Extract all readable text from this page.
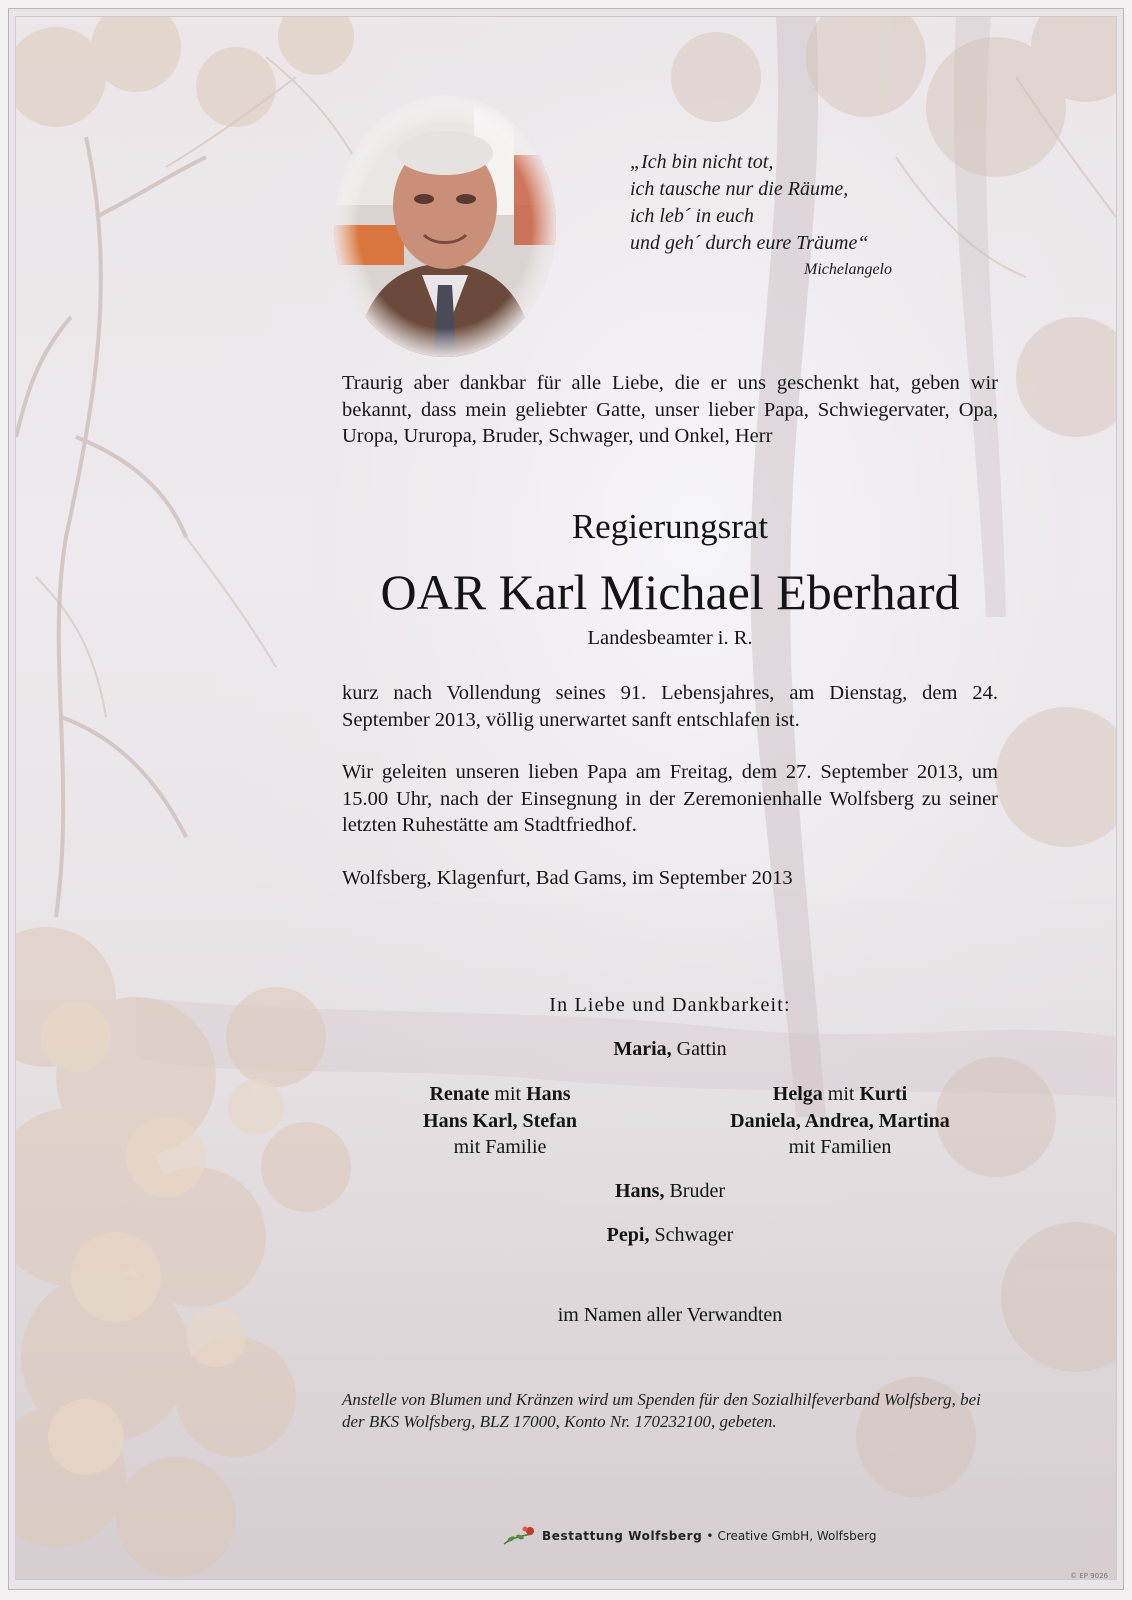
„Ich bin nicht tot,
ich tausche nur die Räume,
ich leb´ in euch
und geh´ durch eure Träume“
Michelangelo
Traurig aber dankbar für alle Liebe, die er uns geschenkt hat, geben wir bekannt, dass mein geliebter Gatte, unser lieber Papa, Schwiegervater, Opa, Uropa, Ururopa, Bruder, Schwager, und Onkel, Herr
Regierungsrat
OAR Karl Michael Eberhard
Landesbeamter i. R.
kurz nach Vollendung seines 91. Lebensjahres, am Dienstag, dem 24. September 2013, völlig unerwartet sanft entschlafen ist.
Wir geleiten unseren lieben Papa am Freitag, dem 27. September 2013, um 15.00 Uhr, nach der Einsegnung in der Zeremonienhalle Wolfsberg zu seiner letzten Ruhestätte am Stadtfriedhof.
Wolfsberg, Klagenfurt, Bad Gams, im September 2013
In Liebe und Dankbarkeit:
Maria, Gattin
Renate mit Hans
Hans Karl, Stefan
mit Familie
Helga mit Kurti
Daniela, Andrea, Martina
mit Familien
Hans, Bruder
Pepi, Schwager
im Namen aller Verwandten
Anstelle von Blumen und Kränzen wird um Spenden für den Sozialhilfeverband Wolfsberg, bei der BKS Wolfsberg, BLZ 17000, Konto Nr. 170232100, gebeten.
Bestattung Wolfsberg • Creative GmbH, Wolfsberg
© EP 9026
